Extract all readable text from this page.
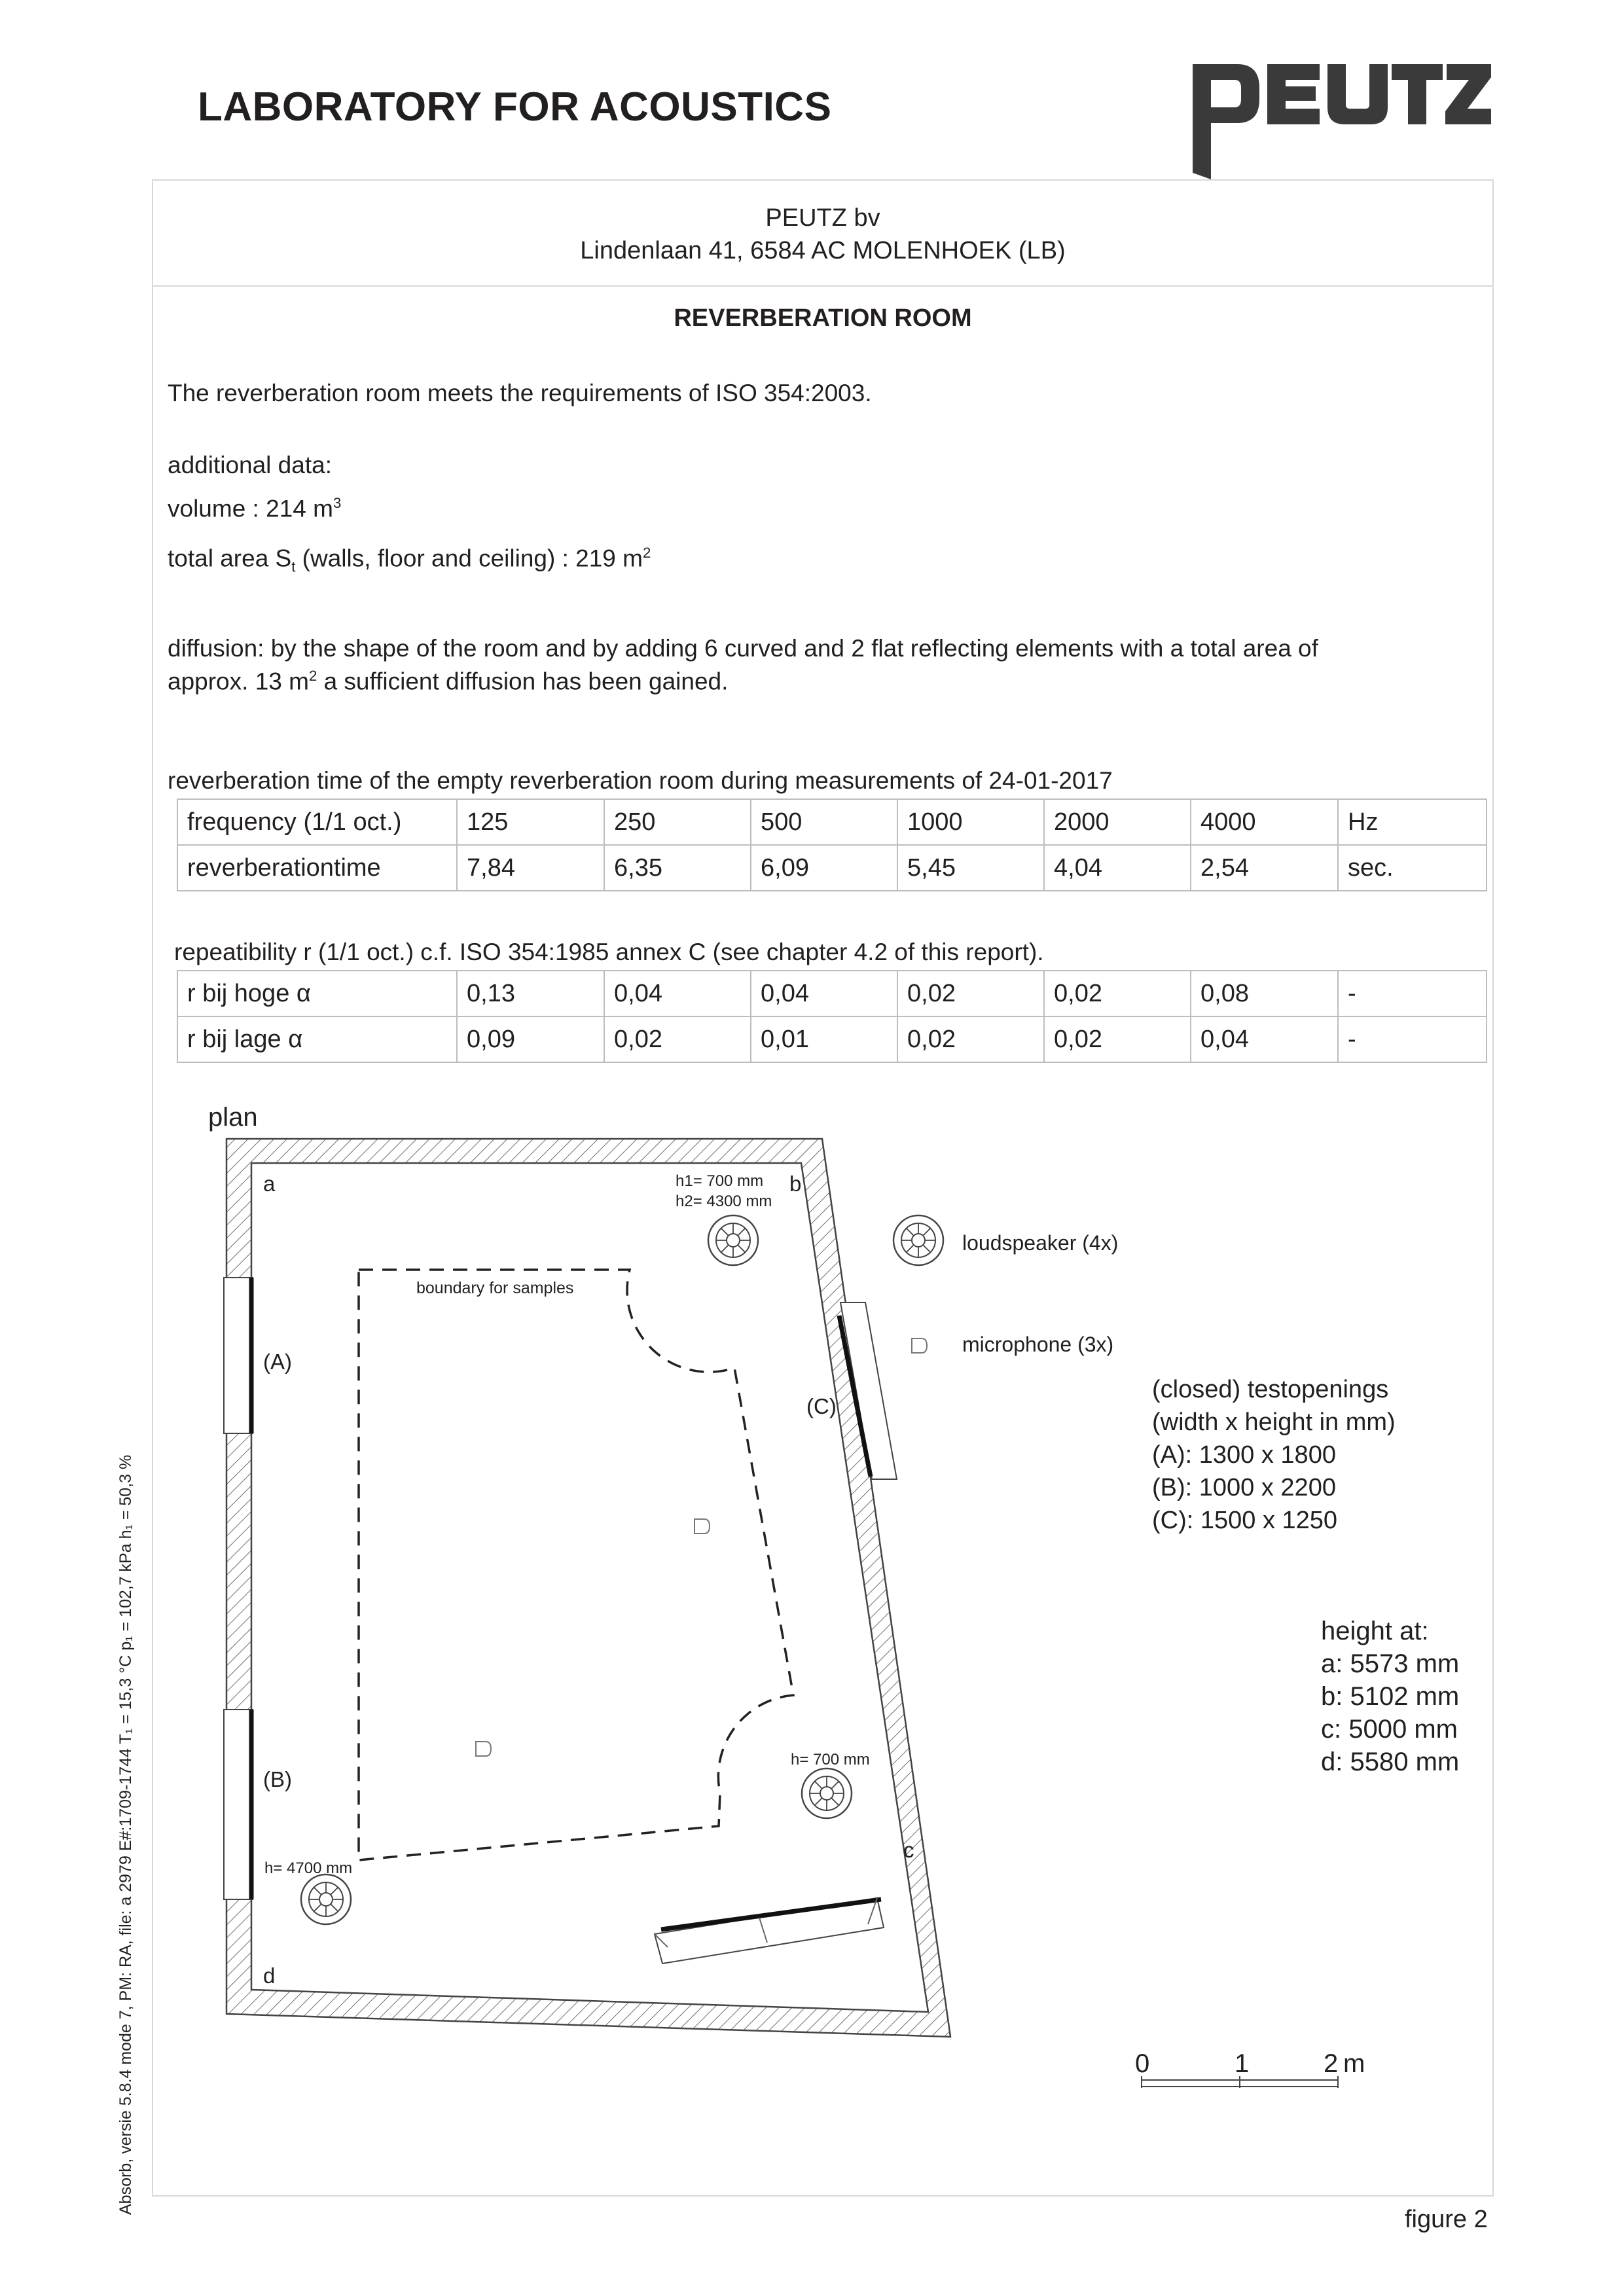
LABORATORY FOR ACOUSTICS
PEUTZ bv
Lindenlaan 41, 6584 AC MOLENHOEK (LB)
REVERBERATION ROOM
The reverberation room meets the requirements of ISO 354:2003.
additional data:
volume : 214 $m^3$
total area $S_t$ (walls, floor and ceiling) : 219 $m^2$
diffusion: by the shape of the room and by adding 6 curved and 2 flat reflecting elements with a total area of
approx. 13 $m^2$ a sufficient diffusion has been gained.
reverberation time of the empty reverberation room during measurements of 24-01-2017
frequency (1/1 oct.)	125	250	500	1000	2000	4000	Hz
reverberationtime	7,84	6,35	6,09	5,45	4,04	2,54	sec.
repeatibility r (1/1 oct.) c.f. ISO 354:1985 annex C (see chapter 4.2 of this report).
r bij hoge α	0,13	0,04	0,04	0,02	0,02	0,08	-
r bij lage α	0,09	0,02	0,01	0,02	0,02	0,04	-
plan
a	b
c
d
h1= 700 mm
h2= 4300 mm
boundary for samples
(A)
(B)
(C)
h= 700 mm
h= 4700 mm
loudspeaker (4x)
microphone (3x)
(closed) testopenings
(width x height in mm)
(A): 1300 x 1800
(B): 1000 x 2200
(C): 1500 x 1250
height at:
a: 5573 mm
b: 5102 mm
c: 5000 mm
d: 5580 mm
0	1	2 m
Absorb, versie 5.8.4 mode 7, PM: RA, file: a 2979 E#:1709-1744 T₁ = 15,3 °C p₁ = 102,7 kPa h₁ = 50,3 %
figure 2
